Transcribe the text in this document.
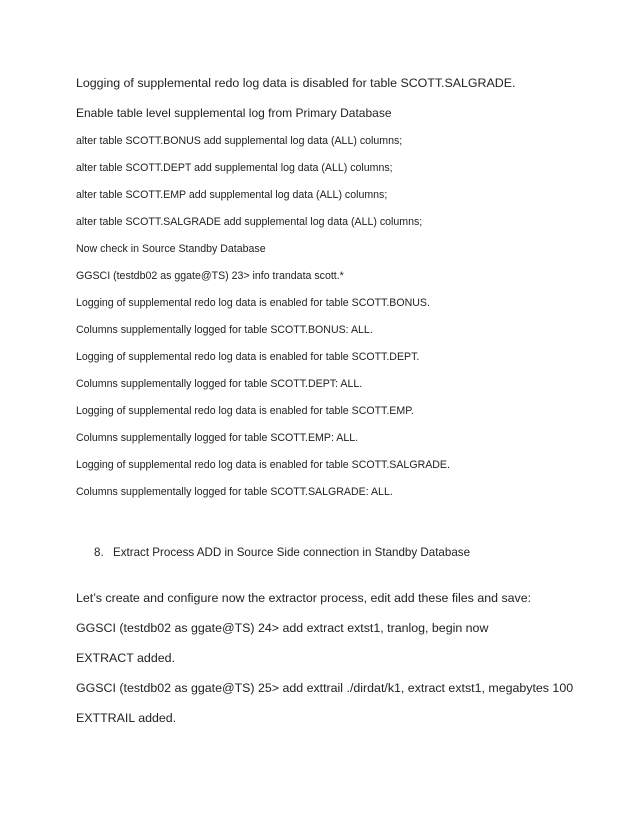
Logging of supplemental redo log data is disabled for table SCOTT.SALGRADE.
Enable table level supplemental log from Primary Database
alter table SCOTT.BONUS add supplemental log data (ALL) columns;
alter table SCOTT.DEPT add supplemental log data (ALL) columns;
alter table SCOTT.EMP add supplemental log data (ALL) columns;
alter table SCOTT.SALGRADE add supplemental log data (ALL) columns;
Now check in Source Standby Database
GGSCI (testdb02 as ggate@TS) 23> info trandata scott.*
Logging of supplemental redo log data is enabled for table SCOTT.BONUS.
Columns supplementally logged for table SCOTT.BONUS: ALL.
Logging of supplemental redo log data is enabled for table SCOTT.DEPT.
Columns supplementally logged for table SCOTT.DEPT: ALL.
Logging of supplemental redo log data is enabled for table SCOTT.EMP.
Columns supplementally logged for table SCOTT.EMP: ALL.
Logging of supplemental redo log data is enabled for table SCOTT.SALGRADE.
Columns supplementally logged for table SCOTT.SALGRADE: ALL.
8. Extract Process ADD in Source Side connection in Standby Database
Let’s create and configure now the extractor process, edit add these files and save:
GGSCI (testdb02 as ggate@TS) 24> add extract extst1, tranlog, begin now
EXTRACT added.
GGSCI (testdb02 as ggate@TS) 25> add exttrail ./dirdat/k1, extract extst1, megabytes 100
EXTTRAIL added.
